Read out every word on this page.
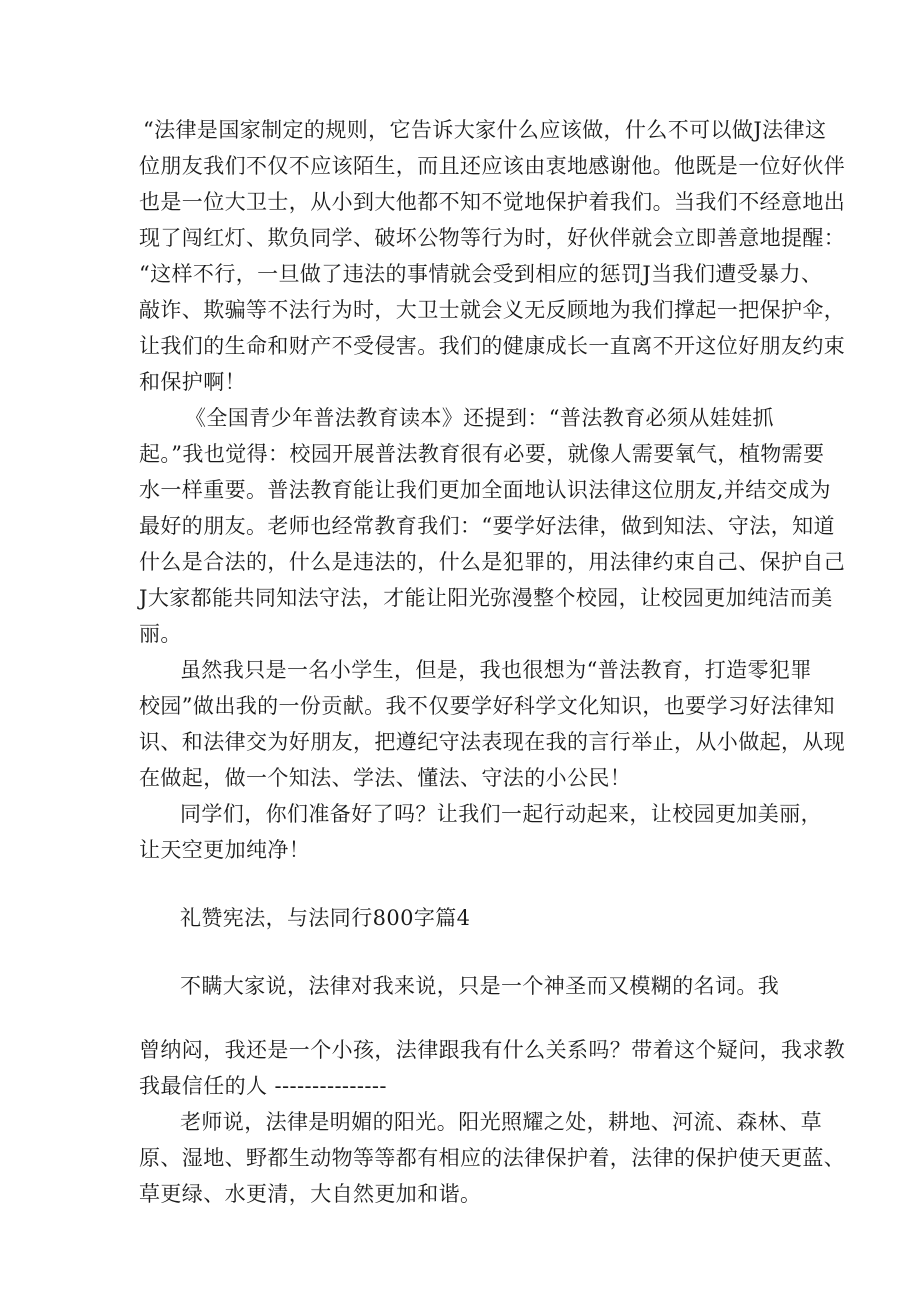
“法律是国家制定的规则，它告诉大家什么应该做，什么不可以做J法律这
位朋友我们不仅不应该陌生，而且还应该由衷地感谢他。他既是一位好伙伴
也是一位大卫士，从小到大他都不知不觉地保护着我们。当我们不经意地出
现了闯红灯、欺负同学、破坏公物等行为时，好伙伴就会立即善意地提醒：
“这样不行，一旦做了违法的事情就会受到相应的惩罚J当我们遭受暴力、
敲诈、欺骗等不法行为时，大卫士就会义无反顾地为我们撑起一把保护伞，
让我们的生命和财产不受侵害。我们的健康成长一直离不开这位好朋友约束
和保护啊！
《全国青少年普法教育读本》还提到：“普法教育必须从娃娃抓
起。”我也觉得：校园开展普法教育很有必要，就像人需要氧气，植物需要
水一样重要。普法教育能让我们更加全面地认识法律这位朋友,并结交成为
最好的朋友。老师也经常教育我们：“要学好法律，做到知法、守法，知道
什么是合法的，什么是违法的，什么是犯罪的，用法律约束自己、保护自己
J大家都能共同知法守法，才能让阳光弥漫整个校园，让校园更加纯洁而美
丽。
虽然我只是一名小学生，但是，我也很想为“普法教育，打造零犯罪
校园”做出我的一份贡献。我不仅要学好科学文化知识，也要学习好法律知
识、和法律交为好朋友，把遵纪守法表现在我的言行举止，从小做起，从现
在做起，做一个知法、学法、懂法、守法的小公民！
同学们，你们准备好了吗？让我们一起行动起来，让校园更加美丽，
让天空更加纯净！
礼赞宪法，与法同行800字篇4
不瞒大家说，法律对我来说，只是一个神圣而又模糊的名词。我
曾纳闷，我还是一个小孩，法律跟我有什么关系吗？带着这个疑问，我求教
我最信任的人 ---------------
老师说，法律是明媚的阳光。阳光照耀之处，耕地、河流、森林、草
原、湿地、野都生动物等等都有相应的法律保护着，法律的保护使天更蓝、
草更绿、水更清，大自然更加和谐。
